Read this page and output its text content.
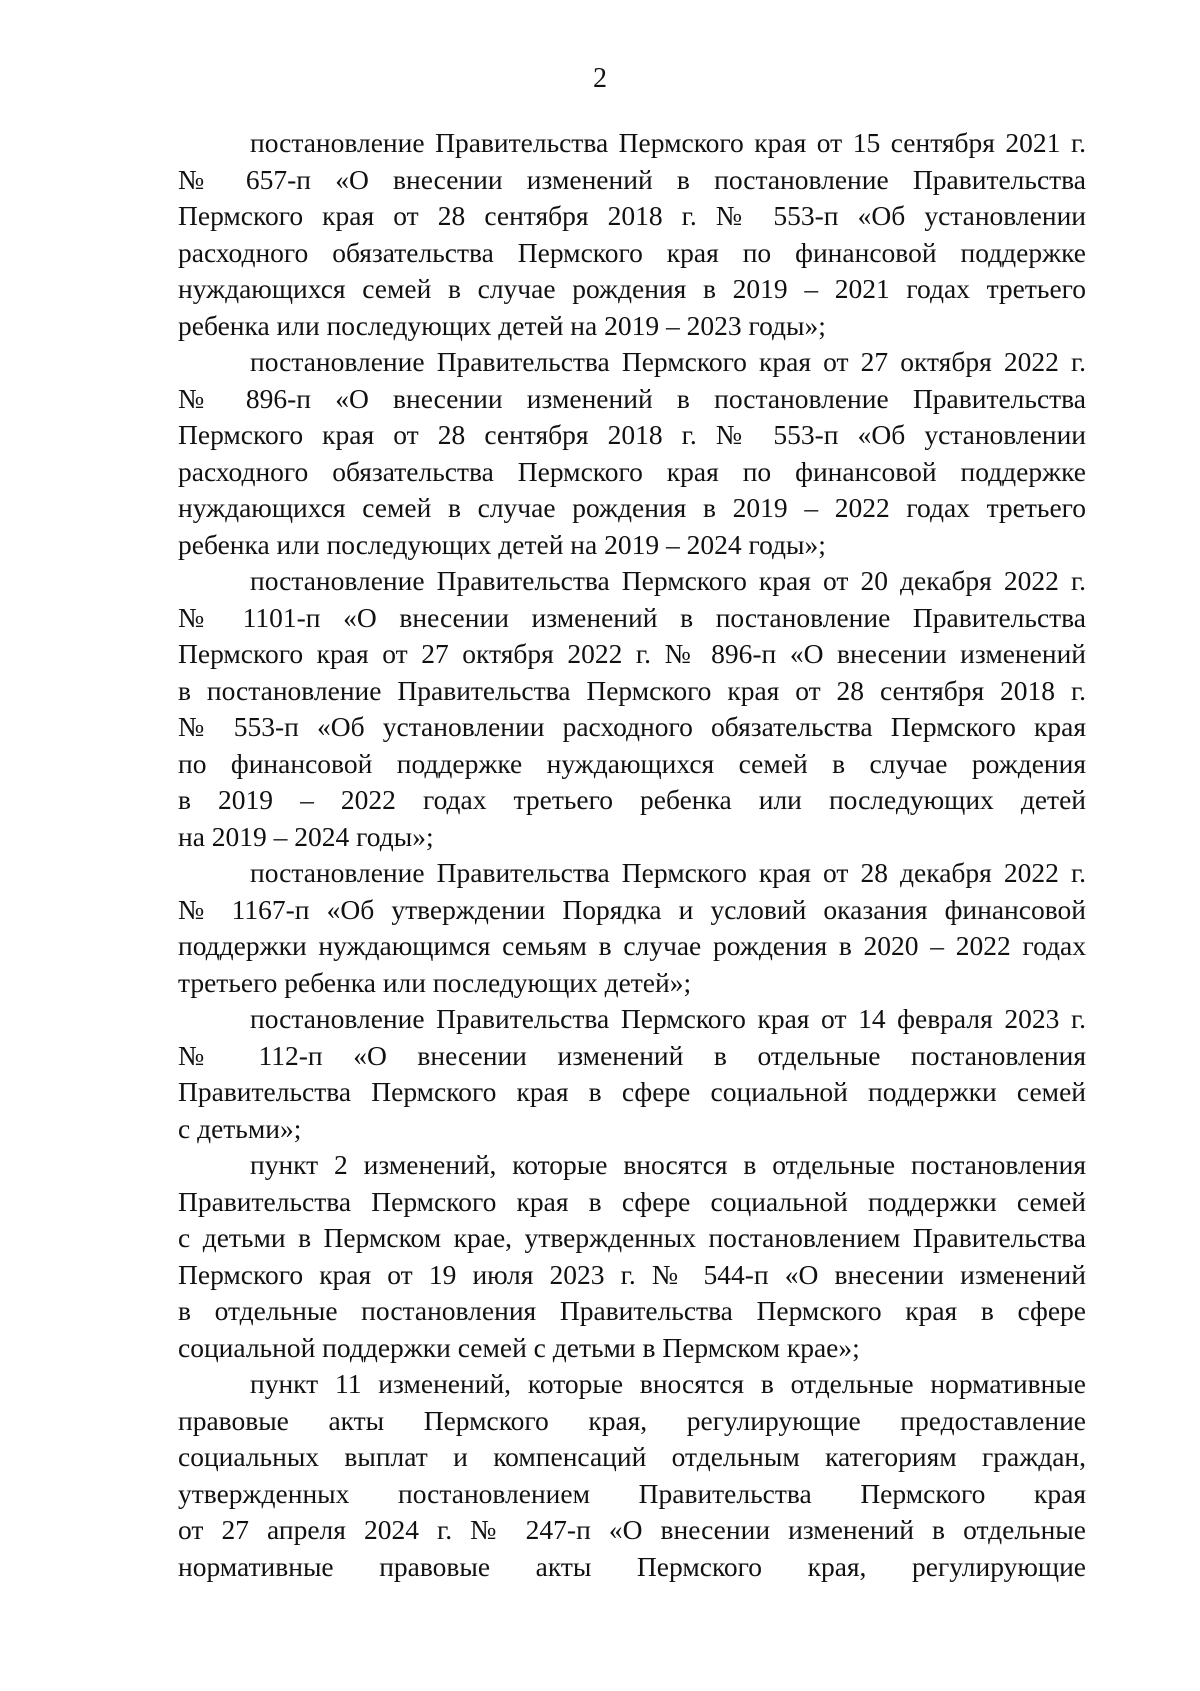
2
постановление Правительства Пермского края от 15 сентября 2021 г.
№ 657-п «О внесении изменений в постановление Правительства
Пермского края от 28 сентября 2018 г. № 553-п «Об установлении
расходного обязательства Пермского края по финансовой поддержке
нуждающихся семей в случае рождения в 2019 – 2021 годах третьего
ребенка или последующих детей на 2019 – 2023 годы»;
постановление Правительства Пермского края от 27 октября 2022 г.
№ 896-п «О внесении изменений в постановление Правительства
Пермского края от 28 сентября 2018 г. № 553-п «Об установлении
расходного обязательства Пермского края по финансовой поддержке
нуждающихся семей в случае рождения в 2019 – 2022 годах третьего
ребенка или последующих детей на 2019 – 2024 годы»;
постановление Правительства Пермского края от 20 декабря 2022 г.
№ 1101-п «О внесении изменений в постановление Правительства
Пермского края от 27 октября 2022 г. № 896-п «О внесении изменений
в постановление Правительства Пермского края от 28 сентября 2018 г.
№ 553-п «Об установлении расходного обязательства Пермского края
по финансовой поддержке нуждающихся семей в случае рождения
в 2019 – 2022 годах третьего ребенка или последующих детей
на 2019 – 2024 годы»;
постановление Правительства Пермского края от 28 декабря 2022 г.
№ 1167-п «Об утверждении Порядка и условий оказания финансовой
поддержки нуждающимся семьям в случае рождения в 2020 – 2022 годах
третьего ребенка или последующих детей»;
постановление Правительства Пермского края от 14 февраля 2023 г.
№ 112-п «О внесении изменений в отдельные постановления
Правительства Пермского края в сфере социальной поддержки семей
с детьми»;
пункт 2 изменений, которые вносятся в отдельные постановления
Правительства Пермского края в сфере социальной поддержки семей
с детьми в Пермском крае, утвержденных постановлением Правительства
Пермского края от 19 июля 2023 г. № 544-п «О внесении изменений
в отдельные постановления Правительства Пермского края в сфере
социальной поддержки семей с детьми в Пермском крае»;
пункт 11 изменений, которые вносятся в отдельные нормативные
правовые акты Пермского края, регулирующие предоставление
социальных выплат и компенсаций отдельным категориям граждан,
утвержденных постановлением Правительства Пермского края
от 27 апреля 2024 г. № 247-п «О внесении изменений в отдельные
нормативные правовые акты Пермского края, регулирующие
